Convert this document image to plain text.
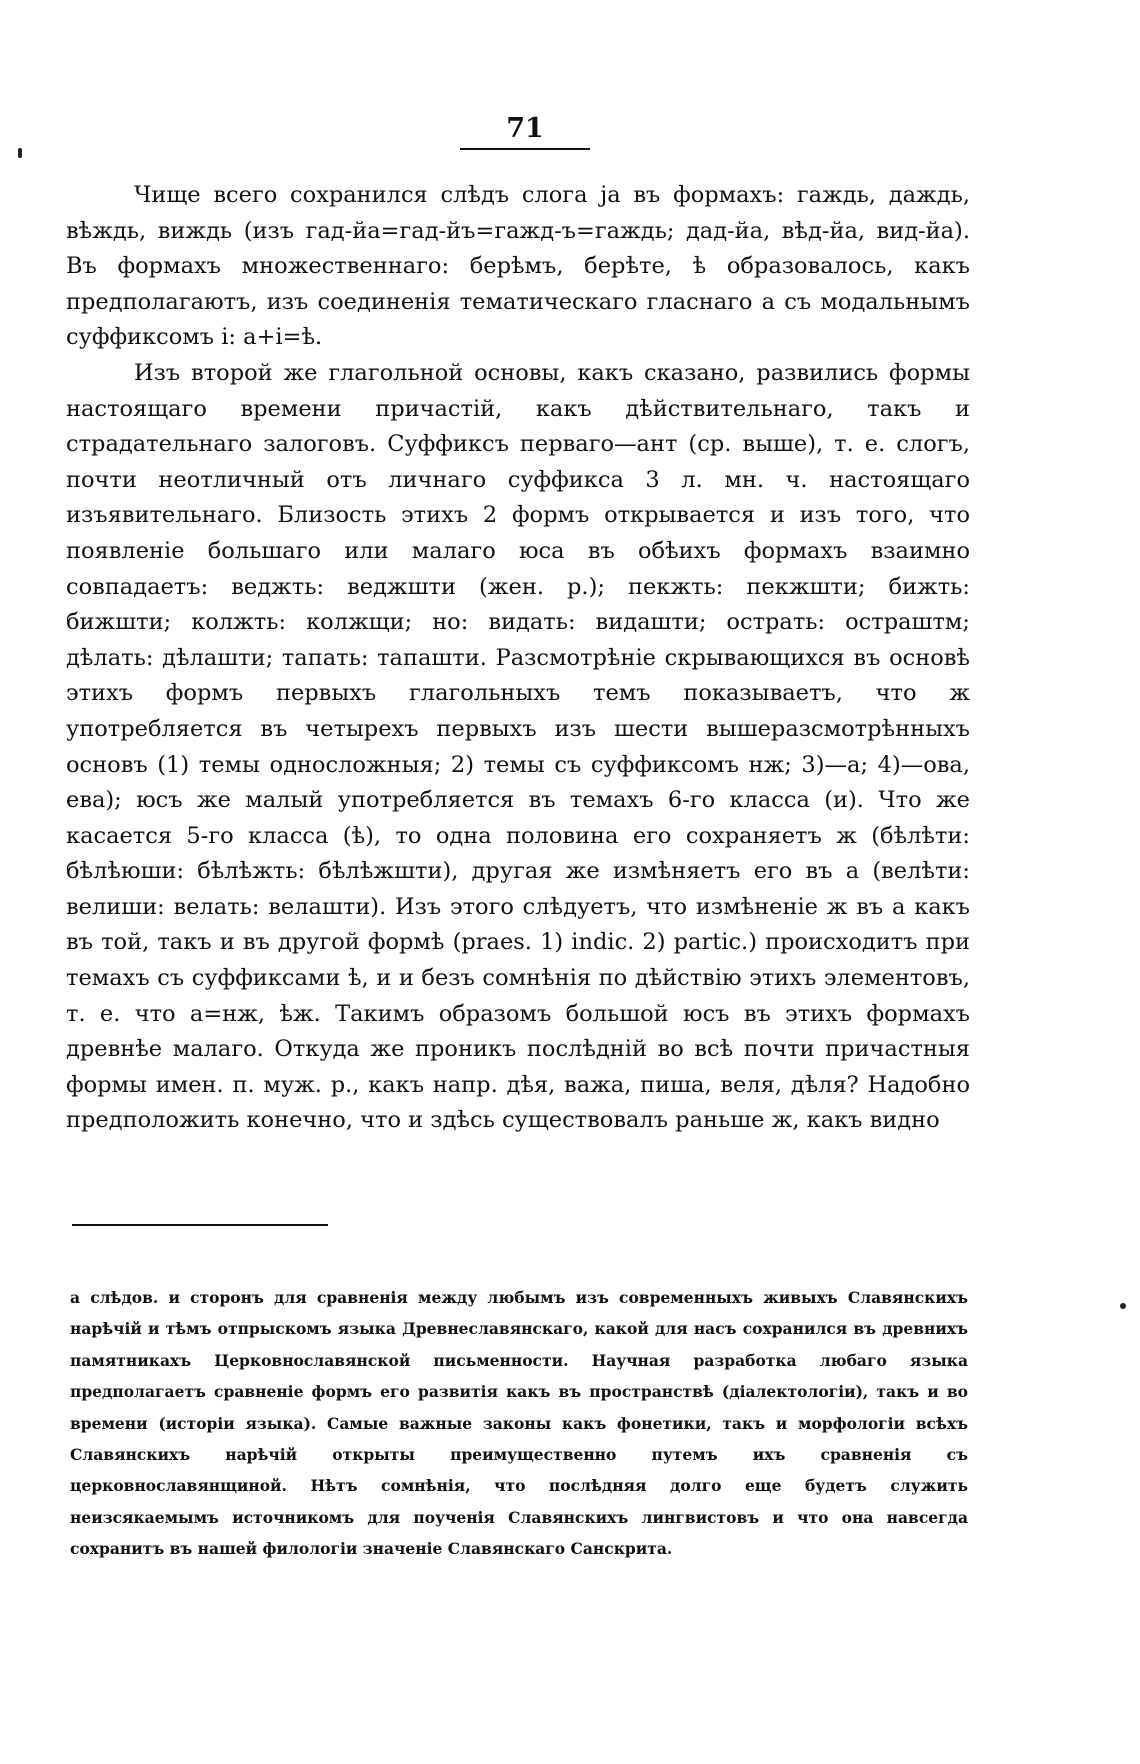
71

Чище всего сохранился слѣдъ слога ja въ формахъ: гаждь, даждь, вѣждь, виждь (изъ гад-йа=гад-йъ=гажд-ъ=гаждь; дад-йа, вѣд-йа, вид-йа). Въ формахъ множественнаго: берѣмъ, берѣте, ѣ образовалось, какъ предполагаютъ, изъ соединенія тематическаго гласнаго а съ модальнымъ суффиксомъ і: а+і=ѣ.

Изъ второй же глагольной основы, какъ сказано, развились формы настоящаго времени причастій, какъ дѣйствительнаго, такъ и страдательнаго залоговъ. Суффиксъ перваго—ант (ср. выше), т. е. слогъ, почти неотличный отъ личнаго суффикса 3 л. мн. ч. настоящаго изъявительнаго. Близость этихъ 2 формъ открывается и изъ того, что появленіе большаго или малаго юса въ обѣихъ формахъ взаимно совпадаетъ: веджть: вeджшти (жен. р.); пекжть: пекжшти; бижть: бижшти; колжть: колжщи; но: видать: видашти; острать: остраштм; дѣлать: дѣлашти; тапать: тапашти. Разсмотрѣніе скрывающихся въ основѣ этихъ формъ первыхъ глагольныхъ темъ показываетъ, что ж употребляется въ четырехъ первыхъ изъ шести вышеразсмотрѣнныхъ основъ (1) темы односложныя; 2) темы съ суффиксомъ нж; 3)—а; 4)—ова, ева); юсъ же малый употребляется въ темахъ 6-го класса (и). Что же касается 5-го класса (ѣ), то одна половина его сохраняетъ ж (бѣлѣти: бѣлѣюши: бѣлѣжть: бѣлѣжшти), другая же измѣняетъ его въ а (велѣти: велиши: велать: велашти). Изъ этого слѣдуетъ, что измѣненіе ж въ а какъ въ той, такъ и въ другой формѣ (praes. 1) indic. 2) partic.) происходитъ при темахъ съ суффиксами ѣ, и и безъ сомнѣнія по дѣйствію этихъ элементовъ, т. е. что а=нж, ѣж. Такимъ образомъ большой юсъ въ этихъ формахъ древнѣе малаго. Откуда же проникъ послѣдній во всѣ почти причастныя формы имен. п. муж. р., какъ напр. дѣя, важа, пиша, веля, дѣля? Надобно предположить конечно, что и здѣсь существовалъ раньше ж, какъ видно

а слѣдов. и сторонъ для сравненія между любымъ изъ современныхъ живыхъ Славянскихъ нарѣчій и тѣмъ отпрыскомъ языка Древнеславянскаго, какой для насъ сохранился въ древнихъ памятникахъ Церковнославянской письменности. Научная разработка любаго языка предполагаетъ сравненіе формъ его развитія какъ въ пространствѣ (діалектологіи), такъ и во времени (исторіи языка). Самые важные законы какъ фонетики, такъ и морфологіи всѣхъ Славянскихъ нарѣчій открыты преимущественно путемъ ихъ сравненія съ церковнославянщиной. Нѣтъ сомнѣнія, что послѣдняя долго еще будетъ служить неизсякаемымъ источникомъ для поученія Славянскихъ лингвистовъ и что она навсегда сохранитъ въ нашей филологіи значеніе Славянскаго Санскрита.
